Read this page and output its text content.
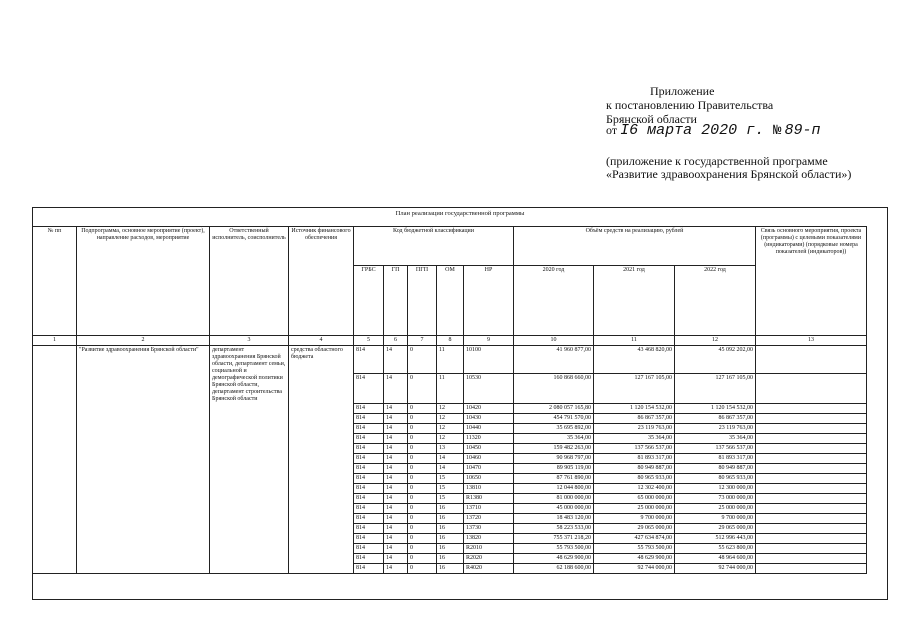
Приложение
к постановлению Правительства
Брянской области
от I6 марта 2020 г. № 89-п
(приложение к государственной программе
«Развитие здравоохранения Брянской области»)
План реализации государственной программы
№ пп	Подпрограмма, основное мероприятие (проект), направление расходов, мероприятие	Ответственный исполнитель, соисполнитель	Источник финансового обеспечения	Код бюджетной классификации					Объём средств на реализацию, рублей			Связь основного мероприятия, проекта (программы) с целевыми показателями (индикаторами) (порядковые номера показателей (индикаторов))
				ГРБС	ГП	ПГП	ОМ	НР	2020 год	2021 год	2022 год	
1	2	3	4	5	6	7	8	9	10	11	12	13
	"Развитие здравоохранения Брянской области"	департамент здравоохранения Брянской области, департамент семьи, социальной и демографической политики Брянской области, департамент строительства Брянской области	средства областного бюджета	814	14	0	11	10100	41 960 877,00	43 468 820,00	45 092 202,00	
				814	14	0	11	10530	160 868 660,00	127 167 105,00	127 167 105,00	
				814	14	0	12	10420	2 080 057 165,80	1 120 154 532,00	1 120 154 532,00	
				814	14	0	12	10430	454 791 570,00	86 867 357,00	86 867 357,00	
				814	14	0	12	10440	35 695 892,00	23 119 763,00	23 119 763,00	
				814	14	0	12	11320	35 364,00	35 364,00	35 364,00	
				814	14	0	13	10450	159 482 263,00	137 566 537,00	137 566 537,00	
				814	14	0	14	10460	90 968 797,00	81 893 317,00	81 893 317,00	
				814	14	0	14	10470	89 905 119,00	80 949 887,00	80 949 887,00	
				814	14	0	15	10650	87 761 890,00	80 965 933,00	80 965 933,00	
				814	14	0	15	13810	12 044 800,00	12 302 400,00	12 300 000,00	
				814	14	0	15	R1380	81 000 000,00	65 000 000,00	73 000 000,00	
				814	14	0	16	13710	45 000 000,00	25 000 000,00	25 000 000,00	
				814	14	0	16	13720	18 483 120,00	9 700 000,00	9 700 000,00	
				814	14	0	16	13730	58 223 533,00	29 065 000,00	29 065 000,00	
				814	14	0	16	13820	755 371 218,20	427 634 874,00	512 996 443,00	
				814	14	0	16	R2010	55 793 500,00	55 793 500,00	55 623 800,00	
				814	14	0	16	R2020	48 629 900,00	48 629 900,00	48 964 600,00	
				814	14	0	16	R4020	62 188 600,00	92 744 000,00	92 744 000,00	
